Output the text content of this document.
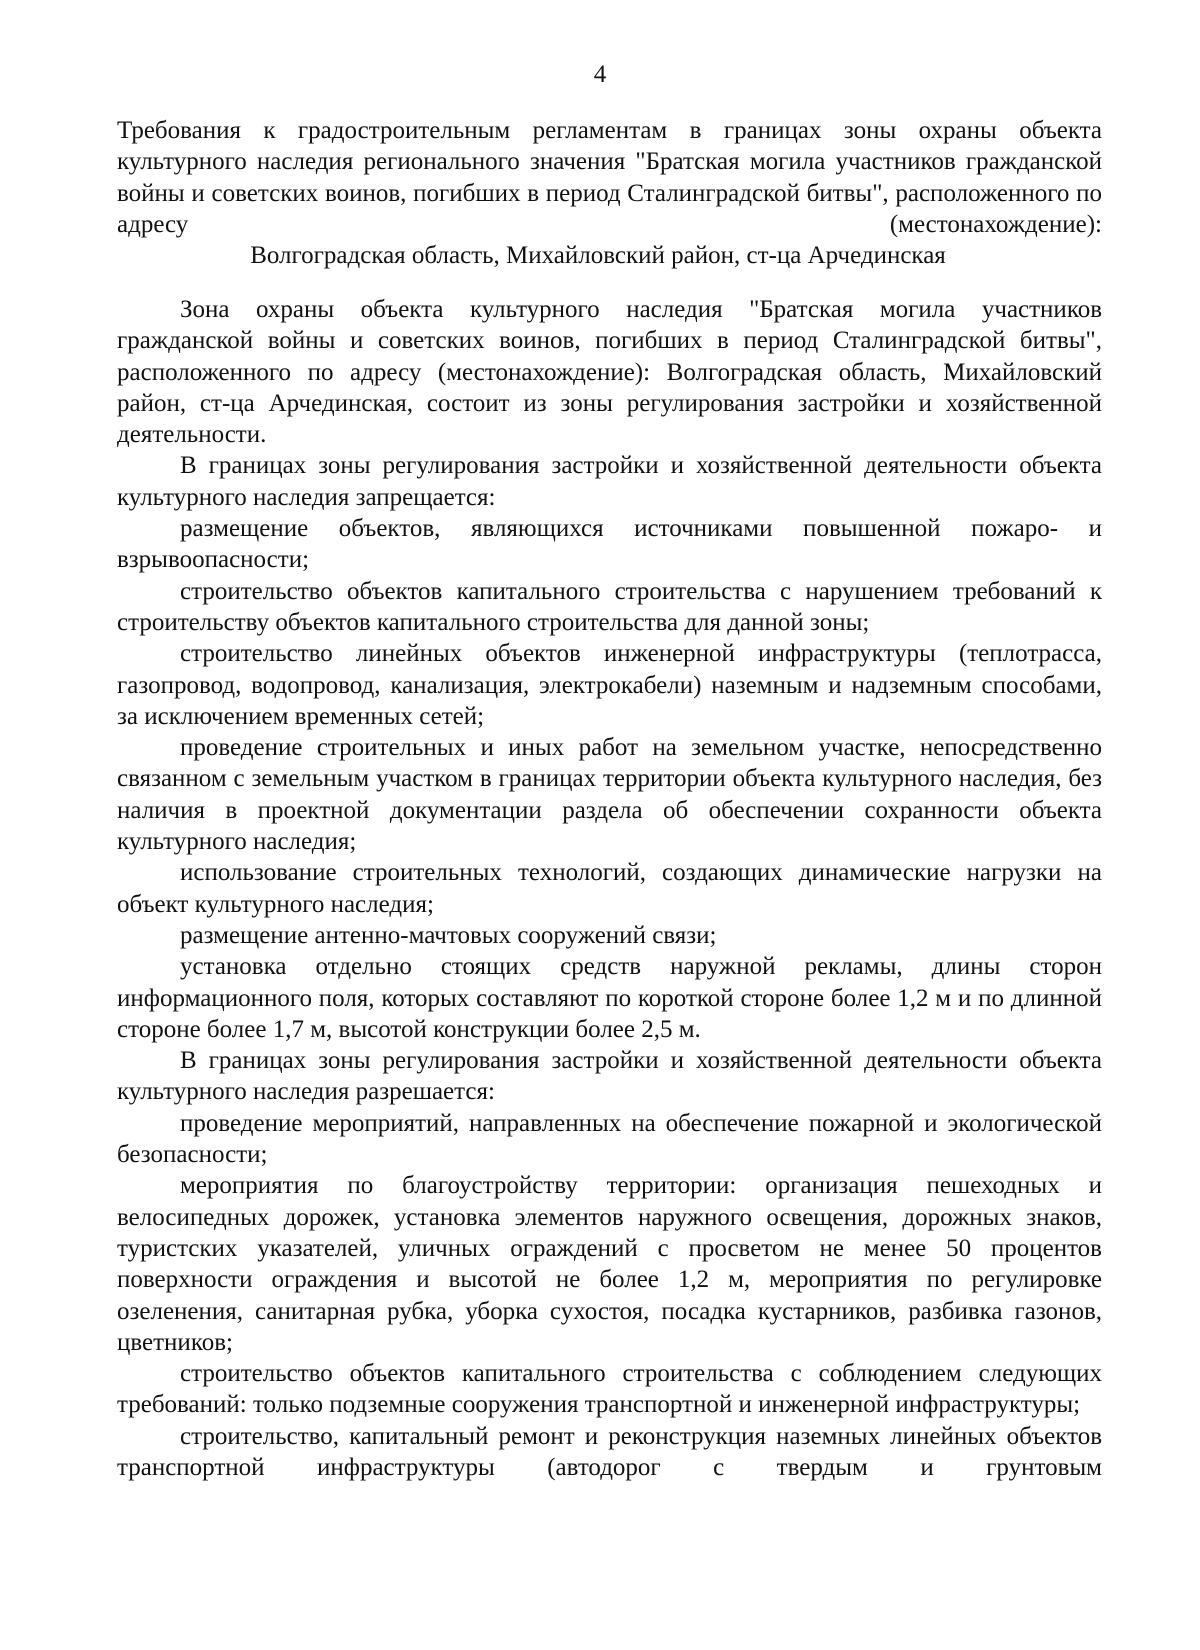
4
Требования к градостроительным регламентам в границах зоны охраны объекта культурного наследия регионального значения "Братская могила участников гражданской войны и советских воинов, погибших в период Сталинградской битвы", расположенного по адресу (местонахождение):
Волгоградская область, Михайловский район, ст-ца Арчединская

Зона охраны объекта культурного наследия "Братская могила участников гражданской войны и советских воинов, погибших в период Сталинградской битвы", расположенного по адресу (местонахождение): Волгоградская область, Михайловский район, ст-ца Арчединская, состоит из зоны регулирования застройки и хозяйственной деятельности.

В границах зоны регулирования застройки и хозяйственной деятельности объекта культурного наследия запрещается:

размещение объектов, являющихся источниками повышенной пожаро- и взрывоопасности;

строительство объектов капитального строительства с нарушением требований к строительству объектов капитального строительства для данной зоны;

строительство линейных объектов инженерной инфраструктуры (теплотрасса, газопровод, водопровод, канализация, электрокабели) наземным и надземным способами, за исключением временных сетей;

проведение строительных и иных работ на земельном участке, непосредственно связанном с земельным участком в границах территории объекта культурного наследия, без наличия в проектной документации раздела об обеспечении сохранности объекта культурного наследия;

использование строительных технологий, создающих динамические нагрузки на объект культурного наследия;

размещение антенно-мачтовых сооружений связи;

установка отдельно стоящих средств наружной рекламы, длины сторон информационного поля, которых составляют по короткой стороне более 1,2 м и по длинной стороне более 1,7 м, высотой конструкции более 2,5 м.

В границах зоны регулирования застройки и хозяйственной деятельности объекта культурного наследия разрешается:

проведение мероприятий, направленных на обеспечение пожарной и экологической безопасности;

мероприятия по благоустройству территории: организация пешеходных и велосипедных дорожек, установка элементов наружного освещения, дорожных знаков, туристских указателей, уличных ограждений с просветом не менее 50 процентов поверхности ограждения и высотой не более 1,2 м, мероприятия по регулировке озеленения, санитарная рубка, уборка сухостоя, посадка кустарников, разбивка газонов, цветников;

строительство объектов капитального строительства с соблюдением следующих требований: только подземные сооружения транспортной и инженерной инфраструктуры;

строительство, капитальный ремонт и реконструкция наземных линейных объектов транспортной инфраструктуры (автодорог с твердым и грунтовым
